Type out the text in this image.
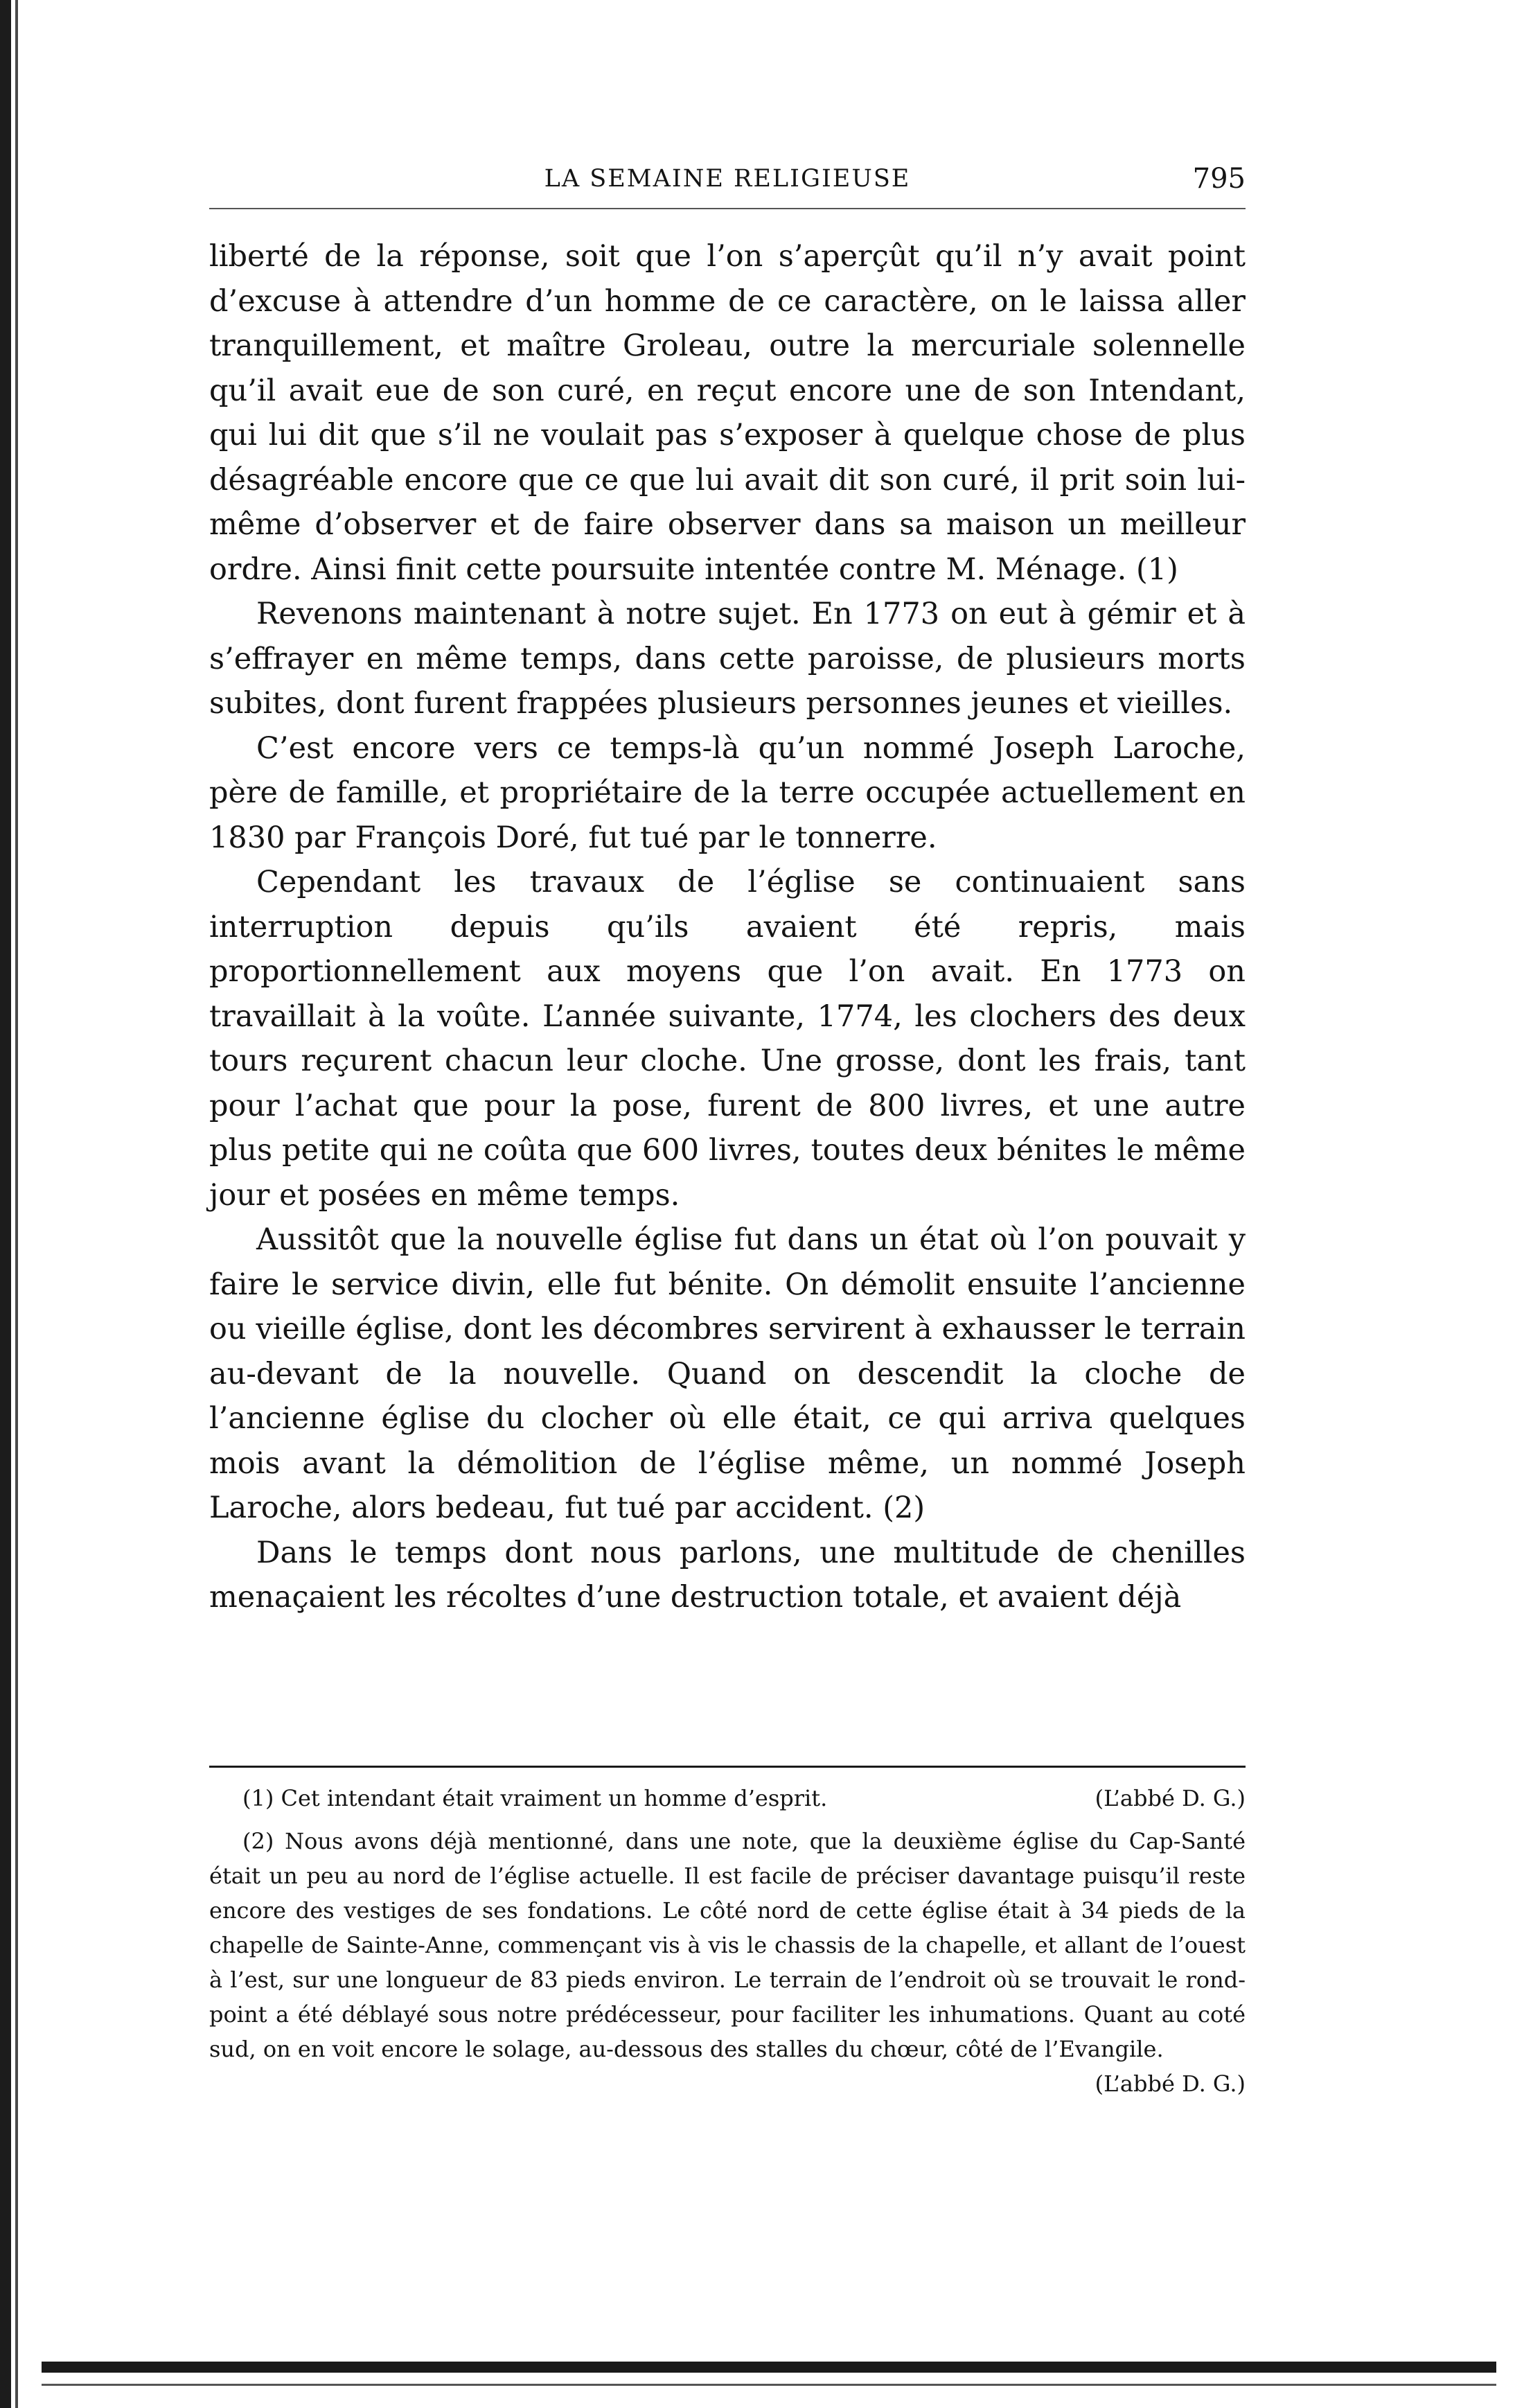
LA SEMAINE RELIGIEUSE	795

liberté de la réponse, soit que l’on s’aperçût qu’il n’y avait point d’excuse à attendre d’un homme de ce caractère, on le laissa aller tranquillement, et maître Groleau, outre la mercuriale solennelle qu’il avait eue de son curé, en reçut encore une de son Intendant, qui lui dit que s’il ne voulait pas s’exposer à quelque chose de plus désagréable encore que ce que lui avait dit son curé, il prit soin lui-même d’observer et de faire observer dans sa maison un meilleur ordre. Ainsi finit cette poursuite intentée contre M. Ménage. (1)

Revenons maintenant à notre sujet. En 1773 on eut à gémir et à s’effrayer en même temps, dans cette paroisse, de plusieurs morts subites, dont furent frappées plusieurs personnes jeunes et vieilles.

C’est encore vers ce temps-là qu’un nommé Joseph Laroche, père de famille, et propriétaire de la terre occupée actuellement en 1830 par François Doré, fut tué par le tonnerre.

Cependant les travaux de l’église se continuaient sans interruption depuis qu’ils avaient été repris, mais proportionnellement aux moyens que l’on avait. En 1773 on travaillait à la voûte. L’année suivante, 1774, les clochers des deux tours reçurent chacun leur cloche. Une grosse, dont les frais, tant pour l’achat que pour la pose, furent de 800 livres, et une autre plus petite qui ne coûta que 600 livres, toutes deux bénites le même jour et posées en même temps.

Aussitôt que la nouvelle église fut dans un état où l’on pouvait y faire le service divin, elle fut bénite. On démolit ensuite l’ancienne ou vieille église, dont les décombres servirent à exhausser le terrain au-devant de la nouvelle. Quand on descendit la cloche de l’ancienne église du clocher où elle était, ce qui arriva quelques mois avant la démolition de l’église même, un nommé Joseph Laroche, alors bedeau, fut tué par accident. (2)

Dans le temps dont nous parlons, une multitude de chenilles menaçaient les récoltes d’une destruction totale, et avaient déjà

(1) Cet intendant était vraiment un homme d’esprit.	(L’abbé D. G.)

(2) Nous avons déjà mentionné, dans une note, que la deuxième église du Cap-Santé était un peu au nord de l’église actuelle. Il est facile de préciser davantage puisqu’il reste encore des vestiges de ses fondations. Le côté nord de cette église était à 34 pieds de la chapelle de Sainte-Anne, commençant vis à vis le chassis de la chapelle, et allant de l’ouest à l’est, sur une longueur de 83 pieds environ. Le terrain de l’endroit où se trouvait le rond-point a été déblayé sous notre prédécesseur, pour faciliter les inhumations. Quant au coté sud, on en voit encore le solage, au-dessous des stalles du chœur, côté de l’Evangile.
(L’abbé D. G.)
